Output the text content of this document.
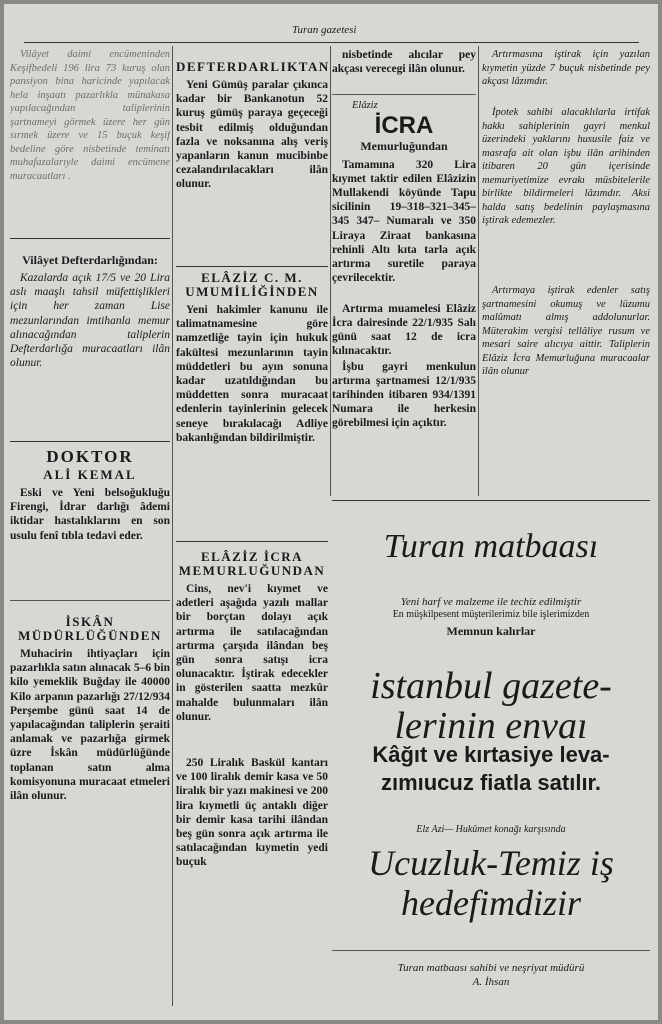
Turan gazetesi

Vilâyet daimi encümeninden Keşifbedeli 196 lira 73 kuruş olan pansiyon bina haricinde yapılacak hela inşaatı pazarlıkla münakasa yapılacağından taliplerinin şartnameyi görmek üzere her gün sırmek üzere ve 15 buçuk keşif bedeline göre nisbetinde teminatı muhafazalarıyle daimi encümene muracaatları .

Vilâyet Defterdarlığından:

Kazalarda açık 17/5 ve 20 Lira aslı maaşlı tahsil müfettişlikleri için her zaman Lise mezunlarından imtihanla memur alınacağından taliplerin Defterdarlığa muracaatları ilân olunur.

DOKTOR
ALİ KEMAL

Eski ve Yeni belsoğukluğu Firengi, İdrar darlığı âdemi iktidar hastalıklarını en son usulu fenî tıbla tedavi eder.

İSKÂN MÜDÜRLÜĞÜNDEN

Muhacirin ihtiyaçları için pazarlıkla satın alınacak 5–6 bin kilo yemeklik Buğday ile 40000 Kilo arpanın pazarlığı 27/12/934 Perşembe günü saat 14 de yapılacağından taliplerin şeraiti anlamak ve pazarlığa girmek üzre İskân müdürlüğünde toplanan satın alma komisyonuna muracaat etmeleri ilân olunur.

DEFTERDARLIKTAN

Yeni Gümüş paralar çıkınca kadar bir Bankanotun 52 kuruş gümüş paraya geçeceği tesbit edilmiş olduğundan fazla ve noksanına alış veriş yapanların kanun mucibinbe cezalandırılacakları ilân olunur.

ELÂZİZ C. M. UMUMİLİĞİNDEN

Yeni hakimler kanunu ile talimatnamesine göre namzetliğe tayin için hukuk fakültesi mezunlarının tayin müddetleri bu ayın sonuna kadar uzatıldığından bu müddetten sonra muracaat edenlerin tayinlerinin gelecek seneye bırakılacağı Adliye bakanlığından bildirilmiştir.

ELÂZİZ İCRA MEMURLUĞUNDAN

Cins, nev'i kıymet ve adetleri aşağıda yazılı mallar bir borçtan dolayı açık artırma ile satılacağından artırma çarşıda ilândan beş gün sonra satışı icra olunacaktır. İştirak edecekler in gösterilen saatta mezkûr mahalde bulunmaları ilân olunur.

250 Liralık Baskül kantarı ve 100 liralık demir kasa ve 50 liralık bir yazı makinesi ve 200 lira kıymetli üç antaklı diğer bir demir kasa tarihi ilândan beş gün sonra açık artırma ile satılacağından kıymetin yedi buçuk

nisbetinde alıcılar pey akçası verecegi ilân olunur.

Elâziz
İCRA
Memurluğundan

Tamamına 320 Lira kıymet taktir edilen Elâzizin Mullakendi köyünde Tapu sicilinin 19–318–321–345–345 347– Numaralı ve 350 Liraya Ziraat bankasına rehinli Altı kıta tarla açık artırma suretile paraya çevrilecektir.

Artırma muamelesi Elâziz İcra dairesinde 22/1/935 Salı günü saat 12 de icra kılınacaktır.

İşbu gayri menkulun artırma şartnamesi 12/1/935 tarihinden itibaren 934/1391 Numara ile herkesin görebilmesi için açıktır.

Artırmasına iştirak için yazılan kıymetin yüzde 7 buçuk nisbetinde pey akçası lâzımdır.

İpotek sahibi alacaklılarla irtifak hakkı sahiplerinin gayri menkul üzerindeki yaklarını hususile faiz ve masrafa ait olan işbu ilân arihinden itibaren 20 gün içerisinde memuriyetimize evrakı müsbitelerile birlikte bildirmeleri lâzımdır. Aksi halda satış bedelinin paylaşmasına iştirak edemezler.

Artırmaya iştirak edenler satış şartnamesini okumuş ve lüzumu malûmatı almış addolunurlar. Müterakim vergisi tellâliye rusum ve mesari saire alıcıya aittir. Taliplerin Elâziz İcra Memurluğuna muracaalar ilân olunur

Turan matbaası
Yeni harf ve malzeme ile techiz edilmiştir
En müşkilpesent müşterilerimiz bile işlerimizden
Memnun kalırlar
istanbul gazete-
lerinin envaı
Kâğıt ve kırtasiye leva-
zımıucuz fiatla satılır.
Elz Azi— Hukûmet konağı karşısında
Ucuzluk-Temiz iş
hedefimdizir
Turan matbaası sahibi ve neşriyat müdürü
A. İhsan
